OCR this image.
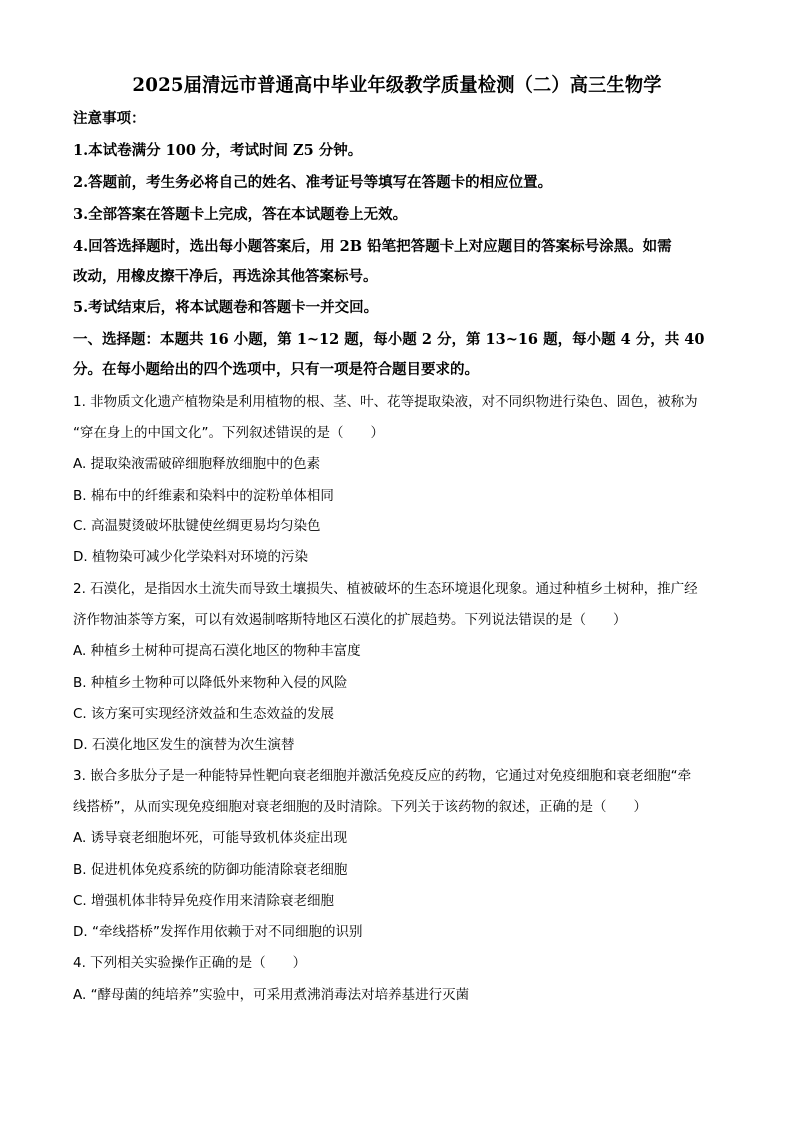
2025届清远市普通高中毕业年级教学质量检测（二）高三生物学
注意事项：
1.本试卷满分 100 分，考试时间 Z5 分钟。
2.答题前，考生务必将自己的姓名、准考证号等填写在答题卡的相应位置。
3.全部答案在答题卡上完成，答在本试题卷上无效。
4.回答选择题时，选出每小题答案后，用 2B 铅笔把答题卡上对应题目的答案标号涂黑。如需
改动，用橡皮擦干净后，再选涂其他答案标号。
5.考试结束后，将本试题卷和答题卡一并交回。
一、选择题：本题共 16 小题，第 1~12 题，每小题 2 分，第 13~16 题，每小题 4 分，共 40
分。在每小题给出的四个选项中，只有一项是符合题目要求的。
1. 非物质文化遗产植物染是利用植物的根、茎、叶、花等提取染液，对不同织物进行染色、固色，被称为
“穿在身上的中国文化”。下列叙述错误的是（　　）
A. 提取染液需破碎细胞释放细胞中的色素
B. 棉布中的纤维素和染料中的淀粉单体相同
C. 高温熨烫破坏肽键使丝绸更易均匀染色
D. 植物染可减少化学染料对环境的污染
2. 石漠化，是指因水土流失而导致土壤损失、植被破坏的生态环境退化现象。通过种植乡土树种，推广经
济作物油茶等方案，可以有效遏制喀斯特地区石漠化的扩展趋势。下列说法错误的是（　　）
A. 种植乡土树种可提高石漠化地区的物种丰富度
B. 种植乡土物种可以降低外来物种入侵的风险
C. 该方案可实现经济效益和生态效益的发展
D. 石漠化地区发生的演替为次生演替
3. 嵌合多肽分子是一种能特异性靶向衰老细胞并激活免疫反应的药物，它通过对免疫细胞和衰老细胞“牵
线搭桥”，从而实现免疫细胞对衰老细胞的及时清除。下列关于该药物的叙述，正确的是（　　）
A. 诱导衰老细胞坏死，可能导致机体炎症出现
B. 促进机体免疫系统的防御功能清除衰老细胞
C. 增强机体非特异免疫作用来清除衰老细胞
D. “牵线搭桥”发挥作用依赖于对不同细胞的识别
4. 下列相关实验操作正确的是（　　）
A. “酵母菌的纯培养”实验中，可采用煮沸消毒法对培养基进行灭菌
